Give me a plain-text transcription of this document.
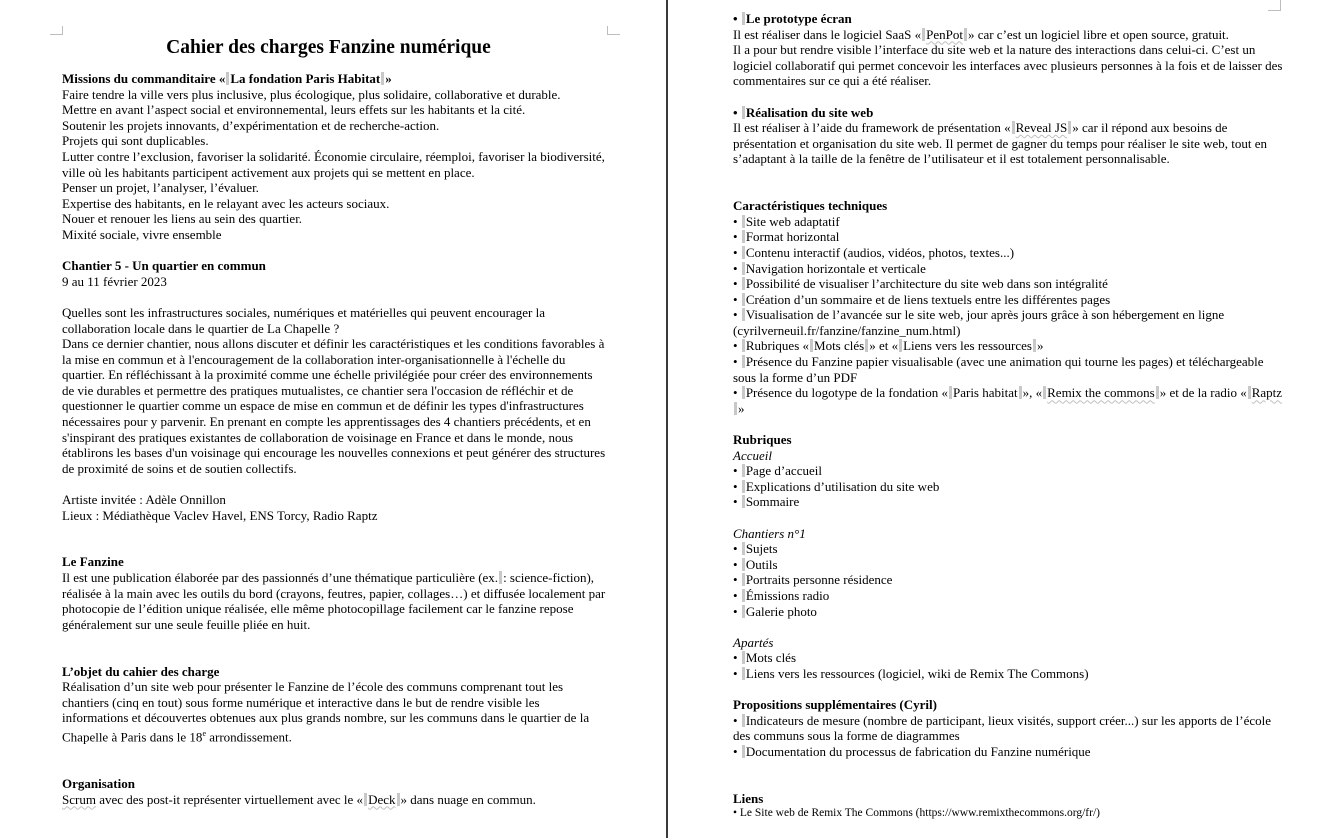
Cahier des charges Fanzine numérique

Missions du commanditaire « La fondation Paris Habitat »

Faire tendre la ville vers plus inclusive, plus écologique, plus solidaire, collaborative et durable.

Mettre en avant l’aspect social et environnemental, leurs effets sur les habitants et la cité.

Soutenir les projets innovants, d’expérimentation et de recherche-action.

Projets qui sont duplicables.

Lutter contre l’exclusion, favoriser la solidarité. Économie circulaire, réemploi, favoriser la biodiversité, ville où les habitants participent activement aux projets qui se mettent en place.

Penser un projet, l’analyser, l’évaluer.

Expertise des habitants, en le relayant avec les acteurs sociaux.

Nouer et renouer les liens au sein des quartier.

Mixité sociale, vivre ensemble

Chantier 5 - Un quartier en commun

9 au 11 février 2023

Quelles sont les infrastructures sociales, numériques et matérielles qui peuvent encourager la collaboration locale dans le quartier de La Chapelle ?

Dans ce dernier chantier, nous allons discuter et définir les caractéristiques et les conditions favorables à la mise en commun et à l'encouragement de la collaboration inter-organisationnelle à l'échelle du quartier. En réfléchissant à la proximité comme une échelle privilégiée pour créer des environnements de vie durables et permettre des pratiques mutualistes, ce chantier sera l'occasion de réfléchir et de questionner le quartier comme un espace de mise en commun et de définir les types d'infrastructures nécessaires pour y parvenir. En prenant en compte les apprentissages des 4 chantiers précédents, et en s'inspirant des pratiques existantes de collaboration de voisinage en France et dans le monde, nous établirons les bases d'un voisinage qui encourage les nouvelles connexions et peut générer des structures de proximité de soins et de soutien collectifs.

Artiste invitée : Adèle Onnillon

Lieux : Médiathèque Vaclev Havel, ENS Torcy, Radio Raptz

Le Fanzine

Il est une publication élaborée par des passionnés d’une thématique particulière (ex. : science-fiction), réalisée à la main avec les outils du bord (crayons, feutres, papier, collages…) et diffusée localement par photocopie de l’édition unique réalisée, elle même photocopillage facilement car le fanzine repose généralement sur une seule feuille pliée en huit.

L’objet du cahier des charge

Réalisation d’un site web pour présenter le Fanzine de l’école des communs comprenant tout les chantiers (cinq en tout) sous forme numérique et interactive dans le but de rendre visible les informations et découvertes obtenues aux plus grands nombre, sur les communs dans le quartier de la Chapelle à Paris dans le 18e arrondissement.

Organisation

Scrum avec des post-it représenter virtuellement avec le « Deck » dans nuage en commun.

• Le prototype écran

Il est réaliser dans le logiciel SaaS « PenPot » car c’est un logiciel libre et open source, gratuit.

Il a pour but rendre visible l’interface du site web et la nature des interactions dans celui-ci. C’est un logiciel collaboratif qui permet concevoir les interfaces avec plusieurs personnes à la fois et de laisser des commentaires sur ce qui a été réaliser.

• Réalisation du site web

Il est réaliser à l’aide du framework de présentation « Reveal JS » car il répond aux besoins de présentation et organisation du site web. Il permet de gagner du temps pour réaliser le site web, tout en s’adaptant à la taille de la fenêtre de l’utilisateur et il est totalement personnalisable.

Caractéristiques techniques

• Site web adaptatif

• Format horizontal

• Contenu interactif (audios, vidéos, photos, textes...)

• Navigation horizontale et verticale

• Possibilité de visualiser l’architecture du site web dans son intégralité

• Création d’un sommaire et de liens textuels entre les différentes pages

• Visualisation de l’avancée sur le site web, jour après jours grâce à son hébergement en ligne (cyrilverneuil.fr/fanzine/fanzine_num.html)

• Rubriques « Mots clés » et « Liens vers les ressources »

• Présence du Fanzine papier visualisable (avec une animation qui tourne les pages) et téléchargeable sous la forme d’un PDF

• Présence du logotype de la fondation « Paris habitat », « Remix the commons » et de la radio « Raptz»

Rubriques

Accueil

• Page d’accueil

• Explications d’utilisation du site web

• Sommaire

Chantiers n°1

• Sujets

• Outils

• Portraits personne résidence

• Émissions radio

• Galerie photo

Apartés

• Mots clés

• Liens vers les ressources (logiciel, wiki de Remix The Commons)

Propositions supplémentaires (Cyril)

• Indicateurs de mesure (nombre de participant, lieux visités, support créer...) sur les apports de l’école des communs sous la forme de diagrammes

• Documentation du processus de fabrication du Fanzine numérique

Liens

• Le Site web de Remix The Commons (https://www.remixthecommons.org/fr/)
